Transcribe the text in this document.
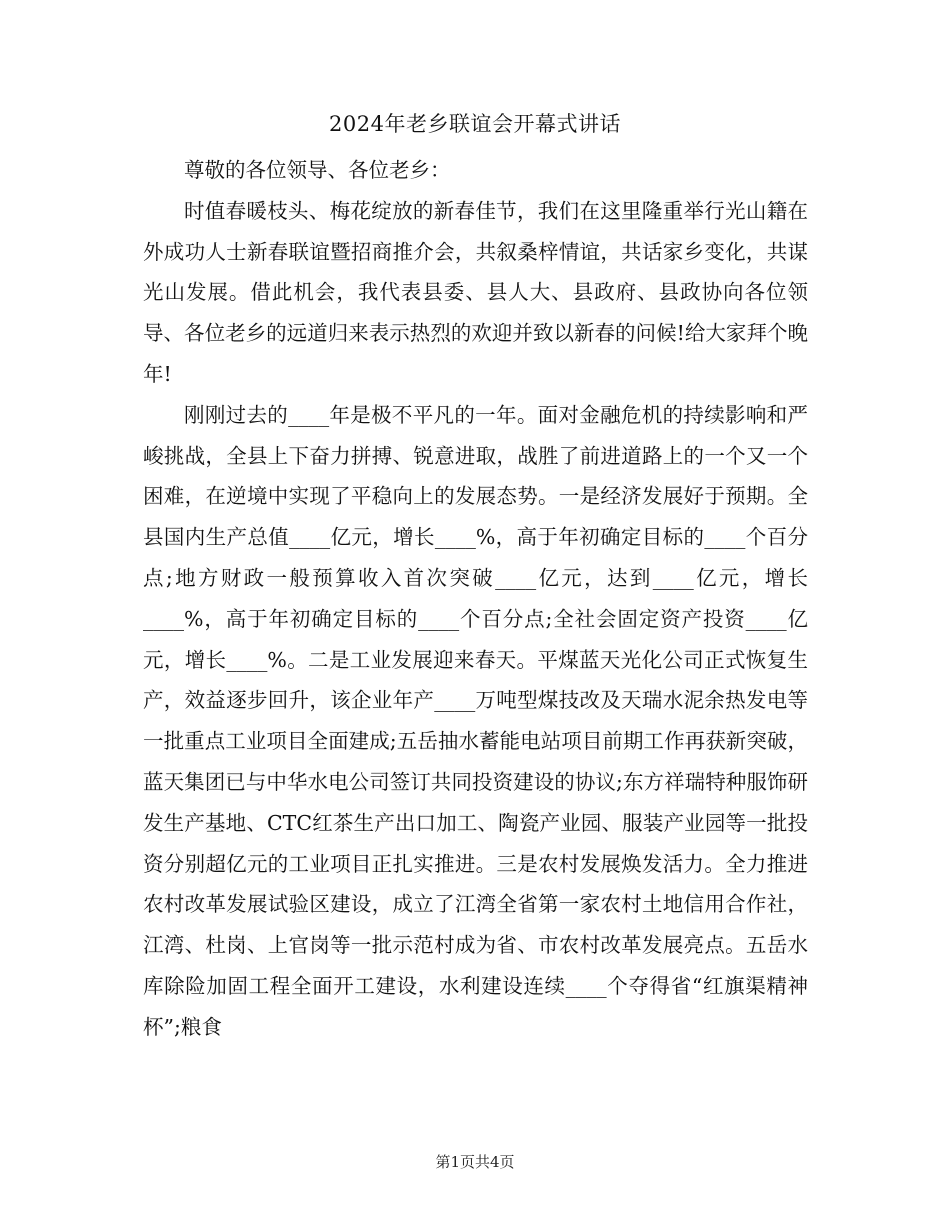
2024年老乡联谊会开幕式讲话

尊敬的各位领导、各位老乡：

时值春暖枝头、梅花绽放的新春佳节，我们在这里隆重举行光山籍在外成功人士新春联谊暨招商推介会，共叙桑梓情谊，共话家乡变化，共谋光山发展。借此机会，我代表县委、县人大、县政府、县政协向各位领导、各位老乡的远道归来表示热烈的欢迎并致以新春的问候!给大家拜个晚年!

刚刚过去的____年是极不平凡的一年。面对金融危机的持续影响和严峻挑战，全县上下奋力拼搏、锐意进取，战胜了前进道路上的一个又一个困难，在逆境中实现了平稳向上的发展态势。一是经济发展好于预期。全县国内生产总值____亿元，增长____%，高于年初确定目标的____个百分点;地方财政一般预算收入首次突破____亿元，达到____亿元，增长____%，高于年初确定目标的____个百分点;全社会固定资产投资____亿元，增长____%。二是工业发展迎来春天。平煤蓝天光化公司正式恢复生产，效益逐步回升，该企业年产____万吨型煤技改及天瑞水泥余热发电等一批重点工业项目全面建成;五岳抽水蓄能电站项目前期工作再获新突破，蓝天集团已与中华水电公司签订共同投资建设的协议;东方祥瑞特种服饰研发生产基地、CTC红茶生产出口加工、陶瓷产业园、服装产业园等一批投资分别超亿元的工业项目正扎实推进。三是农村发展焕发活力。全力推进农村改革发展试验区建设，成立了江湾全省第一家农村土地信用合作社，江湾、杜岗、上官岗等一批示范村成为省、市农村改革发展亮点。五岳水库除险加固工程全面开工建设，水利建设连续____个夺得省“红旗渠精神杯”;粮食

第1页共4页
